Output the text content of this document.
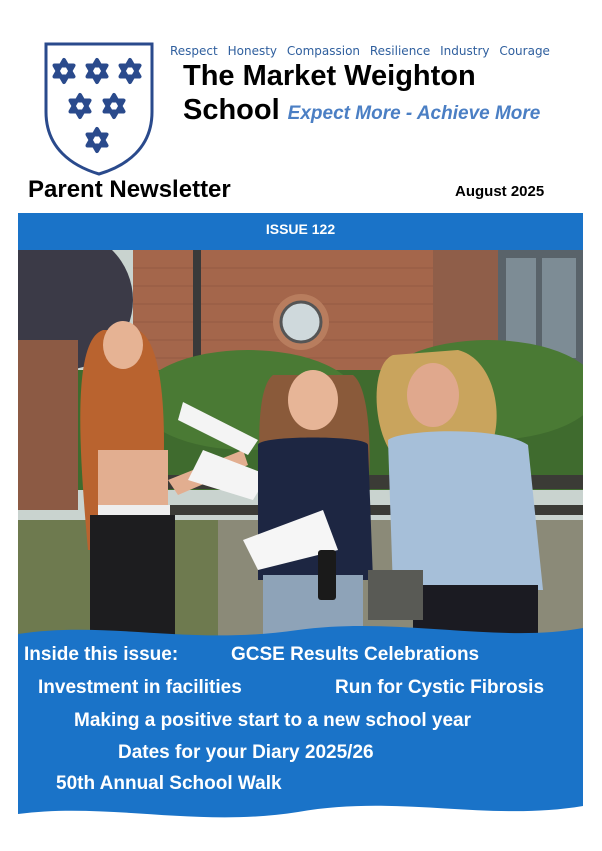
Respect Honesty Compassion Resilience Industry Courage
The Market Weighton
School Expect More - Achieve More
Parent Newsletter	August 2025
ISSUE 122
Inside this issue:	GCSE Results Celebrations
Investment in facilities	Run for Cystic Fibrosis
Making a positive start to a new school year
Dates for your Diary 2025/26
50th Annual School Walk
